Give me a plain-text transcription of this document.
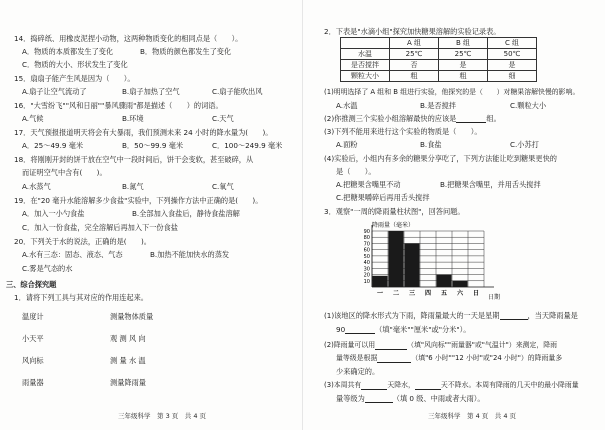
14．捣碎纸、用橡皮泥捏小动物，这两种物质变化的相同点是（　　）。
A．物质的本质都发生了变化	B．物质的颜色都发生了变化
C．物质的大小、形状发生了变化
15．扇扇子能产生风是因为（　　）。
A.扇子让空气流动了	B.扇子加热了空气	C.扇子能吹出风
16．"大雪纷飞""风和日丽""暴风骤雨"都是描述（　　）的词语。
A.气候	B.环境	C.天气
17．天气预报报道明天将会有大暴雨，我们预测未来 24 小时的降水量为(　　)。
A．25～49.9 毫米	B．50～99.9 毫米	C．100～249.9 毫米
18．将刚刚开封的饼干放在空气中一段时间后，饼干会变软，甚至破碎，从
而证明空气中含有(　　)。
A.水蒸气	B.氮气	C.氧气
19．在"20 毫升水能溶解多少食盐"实验中，下列操作方法中正确的是(　　)。
A．加入一小勺食盐	B.全部加入食盐后，静待食盐溶解
C．加入一份食盐，完全溶解后再加入下一份食盐
20．下列关于水的说法，正确的是(　　)。
A.水有三态：固态、液态、气态	B.加热不能加快水的蒸发
C.雾是气态的水
三、综合探究题
1．请将下列工具与其对应的作用连起来。
温度计
小天平
风向标
雨量器
测量物体质量
观 测 风 向
测 量 水 温
测量降雨量
三年级科学　第 3 页　共 4 页
2．下表是"水滴小组"探究加快糖果溶解的实验记录表。
	A 组	B 组	C 组
水温	25℃	25℃	50℃
是否搅拌	否	是	是
颗粒大小	粗	粗	细
(1)明明选择了 A 组和 B 组进行实验，他探究的是（　　）对糖果溶解快慢的影响。
A.水温	B.是否搅拌	C.颗粒大小
(2)你推测三个实验小组溶解最快的应该是	组。
(3)下列不能用来进行这个实验的物质是（　　）。
A.面粉	B.食盐	C.小苏打
(4)实验后，小组内有多余的糖果分享吃了，下列方法能让吃到糖果更快的
是（　　）。
A.把糖果含嘴里不动	B.把糖果含嘴里，并用舌头搅拌
C.把糖果嚼碎后再用舌头搅拌
3．观察"一周的降雨量柱状图"，回答问题。
降雨量（毫米）
10
20
30
40
50
60
70
80
90
一 二 三 四 五 六 日
日期
(1)该地区的降水形式为下雨，降雨量最大的一天是星期	，当天降雨量是
90	（填"毫米""厘米"或"分米"）。
(2)降雨量可以用	（填"风向标""雨量器"或"气温计"）来测定，降雨
量等级是根据	（填"6 小时""12 小时"或"24 小时"）的降雨量多
少来确定的。
(3)本周共有	天降水，	天不降水。本周有降雨的几天中的最小降雨量
量等级为	（填 0 级、中雨或者大雨）。
三年级科学　第 4 页　共 4 页
